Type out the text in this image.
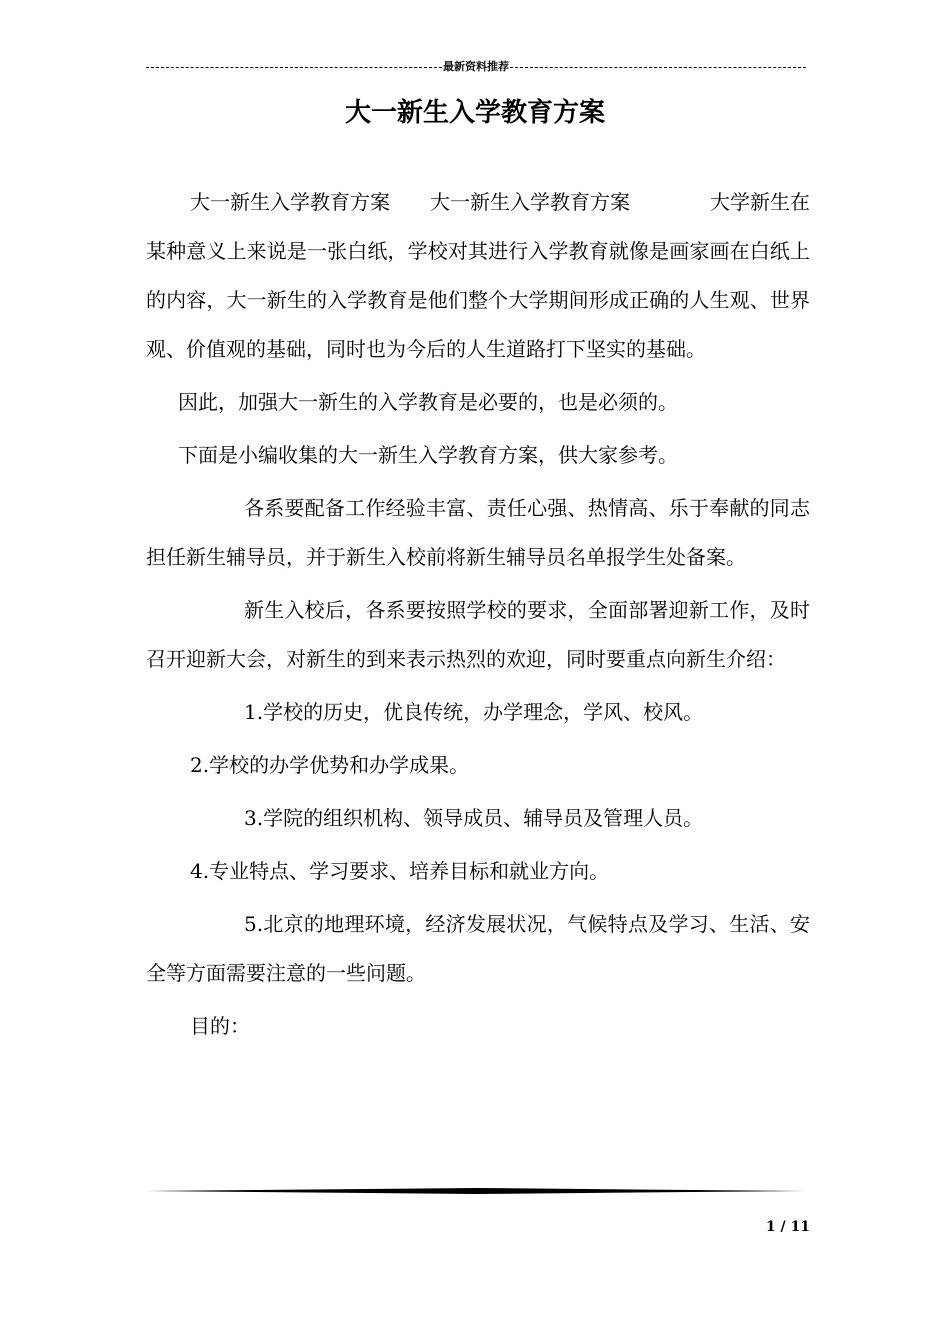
最新资料推荐
大一新生入学教育方案

大一新生入学教育方案　　大一新生入学教育方案　　　　大学新生在某种意义上来说是一张白纸，学校对其进行入学教育就像是画家画在白纸上的内容，大一新生的入学教育是他们整个大学期间形成正确的人生观、世界观、价值观的基础，同时也为今后的人生道路打下坚实的基础。

因此，加强大一新生的入学教育是必要的，也是必须的。

下面是小编收集的大一新生入学教育方案，供大家参考。

各系要配备工作经验丰富、责任心强、热情高、乐于奉献的同志担任新生辅导员，并于新生入校前将新生辅导员名单报学生处备案。

新生入校后，各系要按照学校的要求，全面部署迎新工作，及时召开迎新大会，对新生的到来表示热烈的欢迎，同时要重点向新生介绍：

1.学校的历史，优良传统，办学理念，学风、校风。

2.学校的办学优势和办学成果。

3.学院的组织机构、领导成员、辅导员及管理人员。

4.专业特点、学习要求、培养目标和就业方向。

5.北京的地理环境，经济发展状况，气候特点及学习、生活、安全等方面需要注意的一些问题。

目的：

1 / 11
